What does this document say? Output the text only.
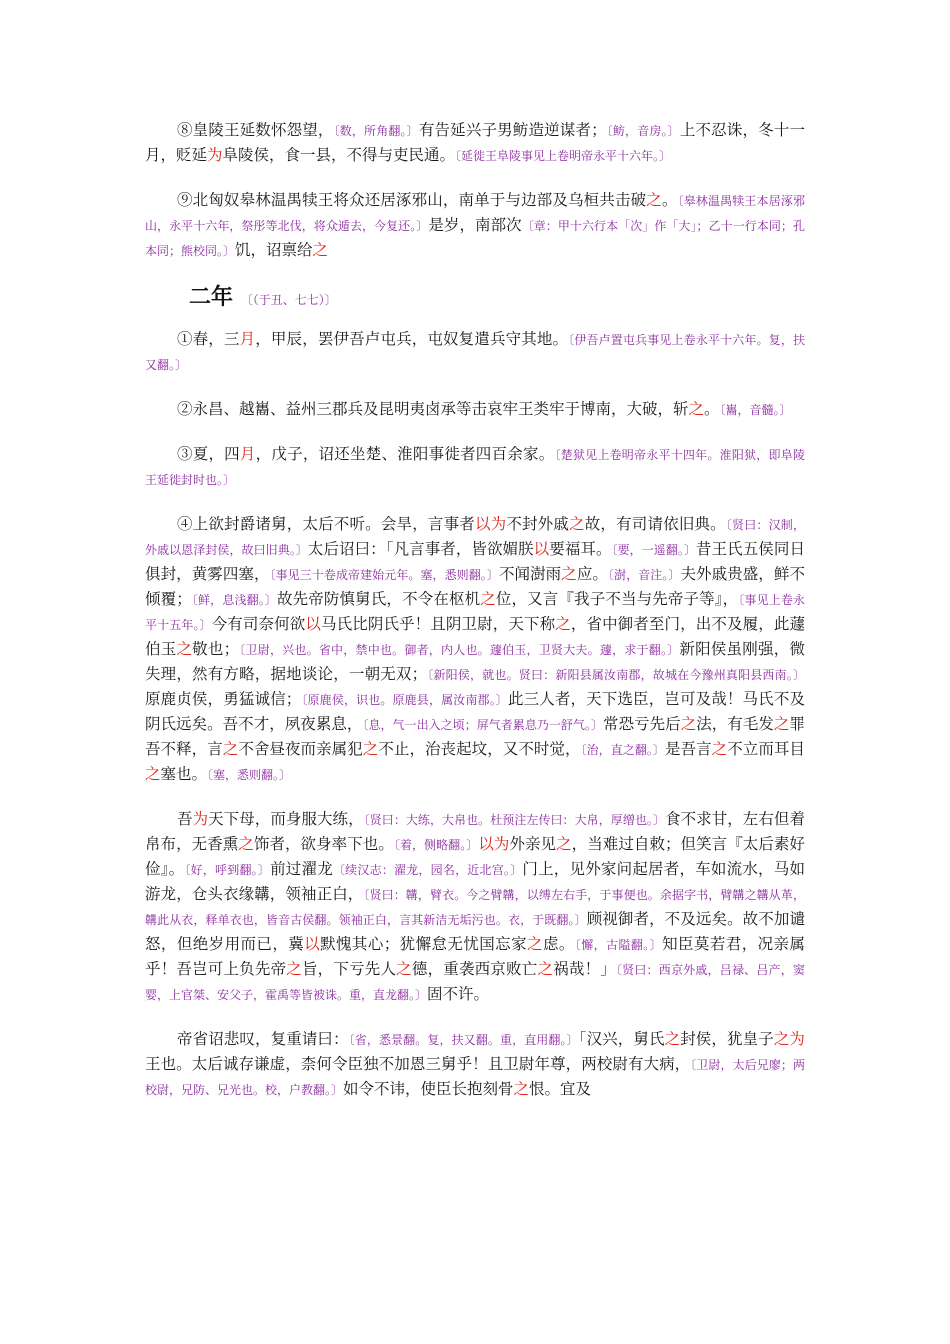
⑧皇陵王延数怀怨望，〔数，所角翻。〕有告延兴子男鲂造逆谋者；〔鲂，音房。〕上不忍诛，冬十一月，贬延为阜陵侯，食一县，不得与吏民通。〔延徙王阜陵事见上卷明帝永平十六年。〕

⑨北匈奴皋林温禺犊王将众还居涿邪山，南单于与边部及乌桓共击破之。〔皋林温禺犊王本居涿邪山，永平十六年，祭彤等北伐，将众遁去，今复还。〕是岁，南部次〔章：甲十六行本「次」作「大」；乙十一行本同；孔本同；熊校同。〕饥，诏禀给之

二年 〔（于丑、七七）〕

①春，三月，甲辰，罢伊吾卢屯兵，屯奴复遣兵守其地。〔伊吾卢置屯兵事见上卷永平十六年。复，扶又翻。〕

②永昌、越巂、益州三郡兵及昆明夷卤承等击哀牢王类牢于博南，大破，斩之。〔巂，音髓。〕

③夏，四月，戊子，诏还坐楚、淮阳事徙者四百余家。〔楚狱见上卷明帝永平十四年。淮阳狱，即阜陵王延徙封时也。〕

④上欲封爵诸舅，太后不听。会旱，言事者以为不封外戚之故，有司请依旧典。〔贤曰：汉制，外戚以恩泽封侯，故曰旧典。〕太后诏曰：「凡言事者，皆欲媚朕以要福耳。〔要，一遥翻。〕昔王氏五侯同日俱封，黄雾四塞，〔事见三十卷成帝建始元年。塞，悉则翻。〕不闻澍雨之应。〔澍，音注。〕夫外戚贵盛，鲜不倾覆；〔鲜，息浅翻。〕故先帝防慎舅氏，不令在枢机之位，又言『我子不当与先帝子等』，〔事见上卷永平十五年。〕今有司奈何欲以马氏比阴氏乎！且阴卫尉，天下称之，省中御者至门，出不及履，此蘧伯玉之敬也；〔卫尉，兴也。省中，禁中也。御者，内人也。蘧伯玉，卫贤大夫。蘧，求于翻。〕新阳侯虽刚强，微失理，然有方略，据地谈论，一朝无双；〔新阳侯，就也。贤曰：新阳县属汝南郡，故城在今豫州真阳县西南。〕原鹿贞侯，勇猛诚信；〔原鹿侯，识也。原鹿县，属汝南郡。〕此三人者，天下选臣，岂可及哉！马氏不及阴氏远矣。吾不才，夙夜累息，〔息，气一出入之顷；屏气者累息乃一舒气。〕常恐亏先后之法，有毛发之罪吾不释，言之不舍昼夜而亲属犯之不止，治丧起坟，又不时觉，〔治，直之翻。〕是吾言之不立而耳目之塞也。〔塞，悉则翻。〕

吾为天下母，而身服大练，〔贤曰：大练，大帛也。杜预注左传曰：大帛，厚缯也。〕食不求甘，左右但着帛布，无香熏之饰者，欲身率下也。〔着，侧略翻。〕以为外亲见之，当难过自敕；但笑言『太后素好俭』。〔好，呼到翻。〕前过濯龙〔续汉志：濯龙，园名，近北宫。〕门上，见外家问起居者，车如流水，马如游龙，仓头衣缘韝，领袖正白，〔贤曰：韝，臂衣。今之臂韝，以缚左右手，于事便也。余据字书，臂韝之韝从革，韝此从衣，释单衣也，皆音古侯翻。领袖正白，言其新洁无垢污也。衣，于既翻。〕顾视御者，不及远矣。故不加谴怒，但绝岁用而已，冀以默愧其心；犹懈怠无忧国忘家之虑。〔懈，古隘翻。〕知臣莫若君，况亲属乎！吾岂可上负先帝之旨，下亏先人之德，重袭西京败亡之祸哉！」〔贤曰：西京外戚，吕禄、吕产，窦婴，上官桀、安父子，霍禹等皆被诛。重，直龙翻。〕固不许。

帝省诏悲叹，复重请曰：〔省，悉景翻。复，扶又翻。重，直用翻。〕「汉兴，舅氏之封侯，犹皇子之为王也。太后诚存谦虚，柰何令臣独不加恩三舅乎！且卫尉年尊，两校尉有大病，〔卫尉，太后兄廖；两校尉，兄防、兄光也。校，户教翻。〕如令不讳，使臣长抱刻骨之恨。宜及
